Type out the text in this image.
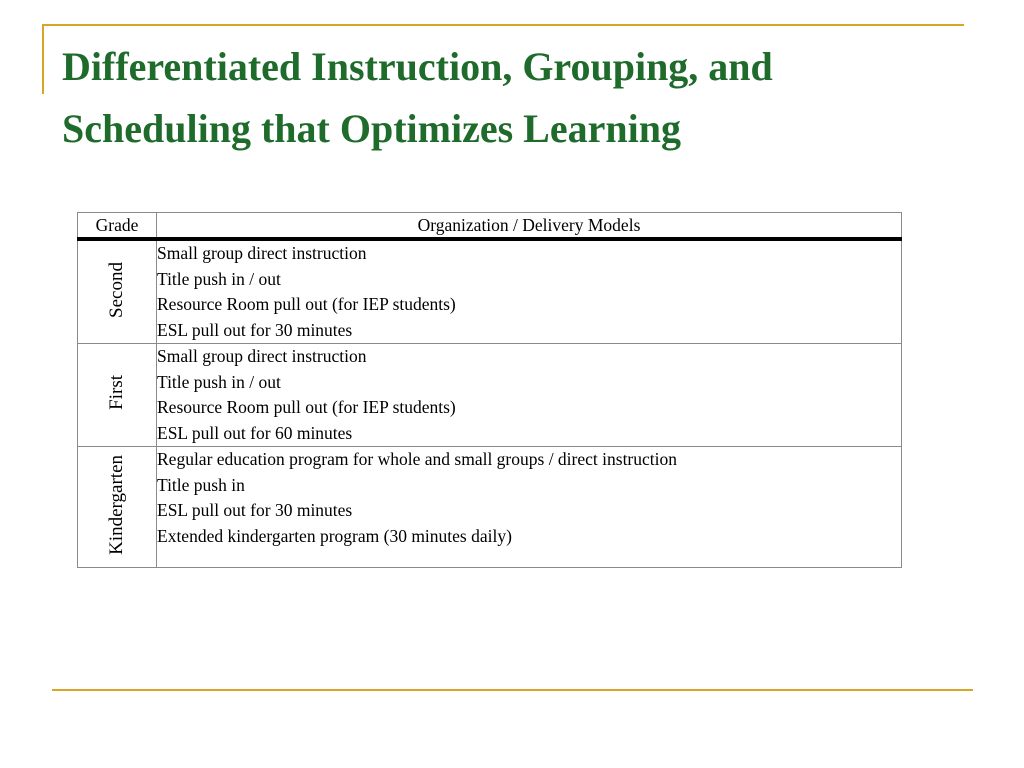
Differentiated Instruction, Grouping, and
Scheduling that Optimizes Learning
Grade	Organization / Delivery Models
Second	Small group direct instruction
Title push in / out
Resource Room pull out (for IEP students)
ESL pull out for 30 minutes

First	Small group direct instruction
Title push in / out
Resource Room pull out (for IEP students)
ESL pull out for 60 minutes

Kindergarten	Regular education program for whole and small groups / direct instruction
Title push in
ESL pull out for 30 minutes
Extended kindergarten program (30 minutes daily)
